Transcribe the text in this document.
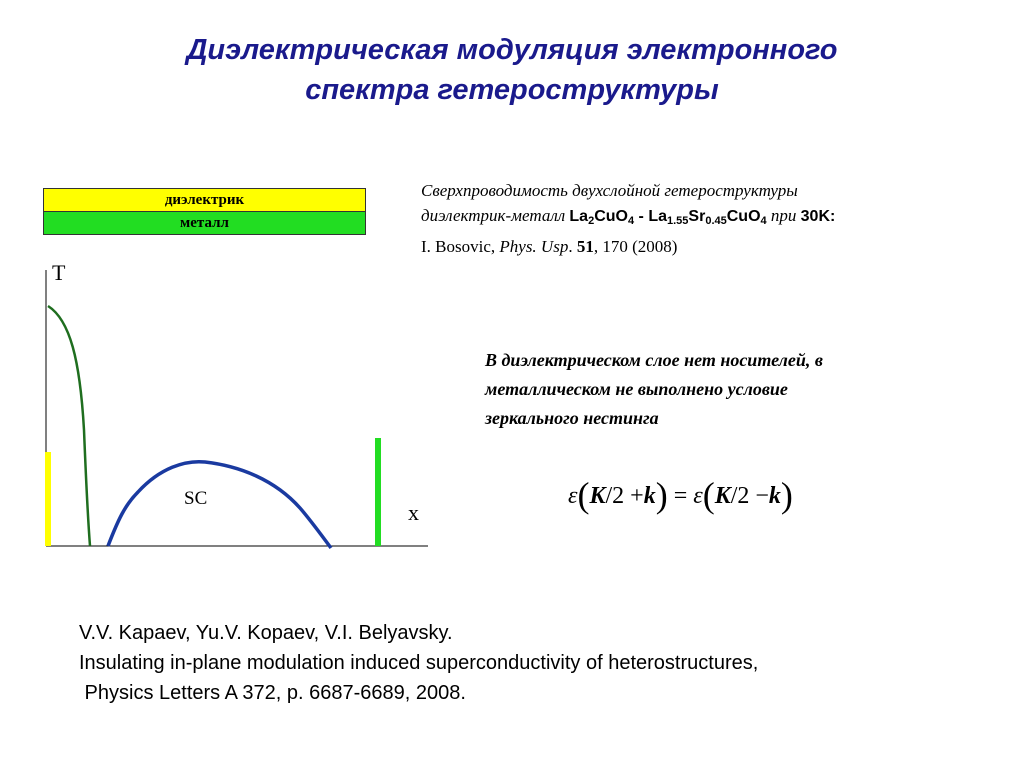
Диэлектрическая модуляция электронного
спектра гетероструктуры
диэлектрик
металл
Сверхпроводимость двухслойной гетероструктуры
диэлектрик-металл $La_2CuO_4 - La_{1.55}Sr_{0.45}CuO_4$ при 30K:
I. Bosovic, Phys. Usp. 51, 170 (2008)
В диэлектрическом слое нет носителей, в
металлическом не выполнено условие
зеркального нестинга
ε(K/2 +k) = ε(K/2 −k)
T
x
SC
V.V. Kapaev, Yu.V. Kopaev, V.I. Belyavsky.
Insulating in-plane modulation induced superconductivity of heterostructures,
Physics Letters A 372, p. 6687-6689, 2008.
